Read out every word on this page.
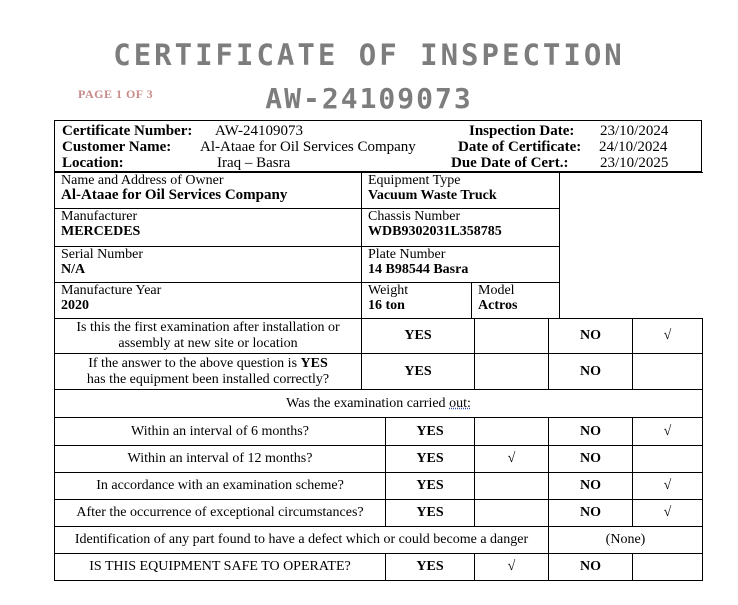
CERTIFICATE OF INSPECTION
PAGE 1 OF 3	AW-24109073
Certificate Number: AW-24109073
Customer Name: Al-Ataae for Oil Services Company
Location:	Iraq – Basra
Inspection Date: 23/10/2024
Date of Certificate: 24/10/2024
Due Date of Cert.: 23/10/2025
Name and Address of Owner
Al-Ataae for Oil Services Company	Equipment Type
Vacuum Waste Truck		

Manufacturer
MERCEDES	Chassis Number
WDB9302031L358785		

Serial Number
N/A	Plate Number
14 B98544 Basra		

Manufacture Year
2020	Weight
16 ton	Model
Actros	
Is this the first examination after installation or
assembly at new site or location	YES		NO	√
If the answer to the above question is YES
has the equipment been installed correctly?	YES		NO	
Was the examination carried out:				
Within an interval of 6 months?	YES		NO	√
Within an interval of 12 months?	YES	√	NO	
In accordance with an examination scheme?	YES		NO	√
After the occurrence of exceptional circumstances?	YES		NO	√
Identification of any part found to have a defect which or could become a danger			(None)	
IS THIS EQUIPMENT SAFE TO OPERATE?	YES	√	NO	
